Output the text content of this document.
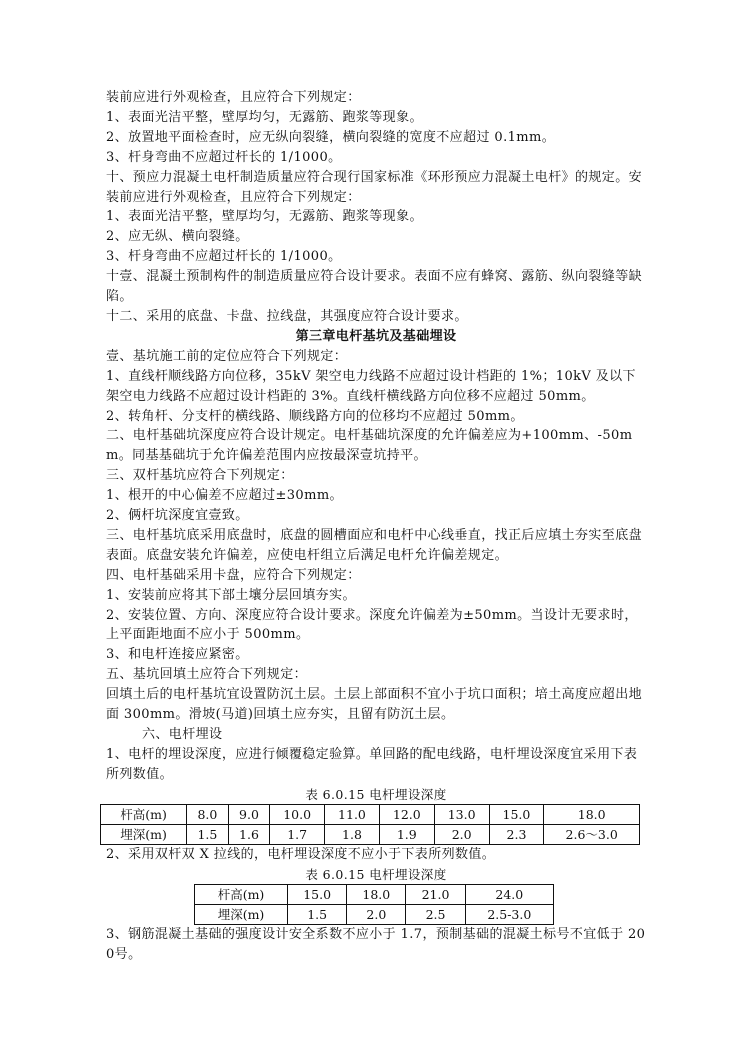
装前应进行外观检查，且应符合下列规定：

1、表面光洁平整，壁厚均匀，无露筋、跑浆等现象。

2、放置地平面检查时，应无纵向裂缝，横向裂缝的宽度不应超过 0.1mm。

3、杆身弯曲不应超过杆长的 1/1000。

十、预应力混凝土电杆制造质量应符合现行国家标准《环形预应力混凝土电杆》的规定。安装前应进行外观检查，且应符合下列规定：

1、表面光洁平整，壁厚均匀，无露筋、跑浆等现象。

2、应无纵、横向裂缝。

3、杆身弯曲不应超过杆长的 1/1000。

十壹、混凝土预制构件的制造质量应符合设计要求。表面不应有蜂窝、露筋、纵向裂缝等缺陷。

十二、采用的底盘、卡盘、拉线盘，其强度应符合设计要求。

第三章电杆基坑及基础埋设

壹、基坑施工前的定位应符合下列规定：

1、直线杆顺线路方向位移，35kV 架空电力线路不应超过设计档距的 1%；10kV 及以下架空电力线路不应超过设计档距的 3%。直线杆横线路方向位移不应超过 50mm。

2、转角杆、分支杆的横线路、顺线路方向的位移均不应超过 50mm。

二、电杆基础坑深度应符合设计规定。电杆基础坑深度的允许偏差应为+100mm、-50mm。同基基础坑于允许偏差范围内应按最深壹坑持平。

三、双杆基坑应符合下列规定：

1、根开的中心偏差不应超过±30mm。

2、俩杆坑深度宜壹致。

三、电杆基坑底采用底盘时，底盘的圆槽面应和电杆中心线垂直，找正后应填土夯实至底盘表面。底盘安装允许偏差，应使电杆组立后满足电杆允许偏差规定。

四、电杆基础采用卡盘，应符合下列规定：

1、安装前应将其下部土壤分层回填夯实。

2、安装位置、方向、深度应符合设计要求。深度允许偏差为±50mm。当设计无要求时，上平面距地面不应小于 500mm。

3、和电杆连接应紧密。

五、基坑回填土应符合下列规定：

回填土后的电杆基坑宜设置防沉土层。土层上部面积不宜小于坑口面积；培土高度应超出地面 300mm。滑坡(马道)回填土应夯实，且留有防沉土层。

六、电杆埋设

1、电杆的埋设深度，应进行倾覆稳定验算。单回路的配电线路，电杆埋设深度宜采用下表所列数值。

表 6.0.15 电杆埋设深度

杆高(m)	8.0	9.0	10.0	11.0	12.0	13.0	15.0	18.0
埋深(m)	1.5	1.6	1.7	1.8	1.9	2.0	2.3	2.6～3.0

2、采用双杆双 X 拉线的，电杆埋设深度不应小于下表所列数值。

表 6.0.15 电杆埋设深度

杆高(m)	15.0	18.0	21.0	24.0
埋深(m)	1.5	2.0	2.5	2.5-3.0

3、钢筋混凝土基础的强度设计安全系数不应小于 1.7，预制基础的混凝土标号不宜低于 200号。
